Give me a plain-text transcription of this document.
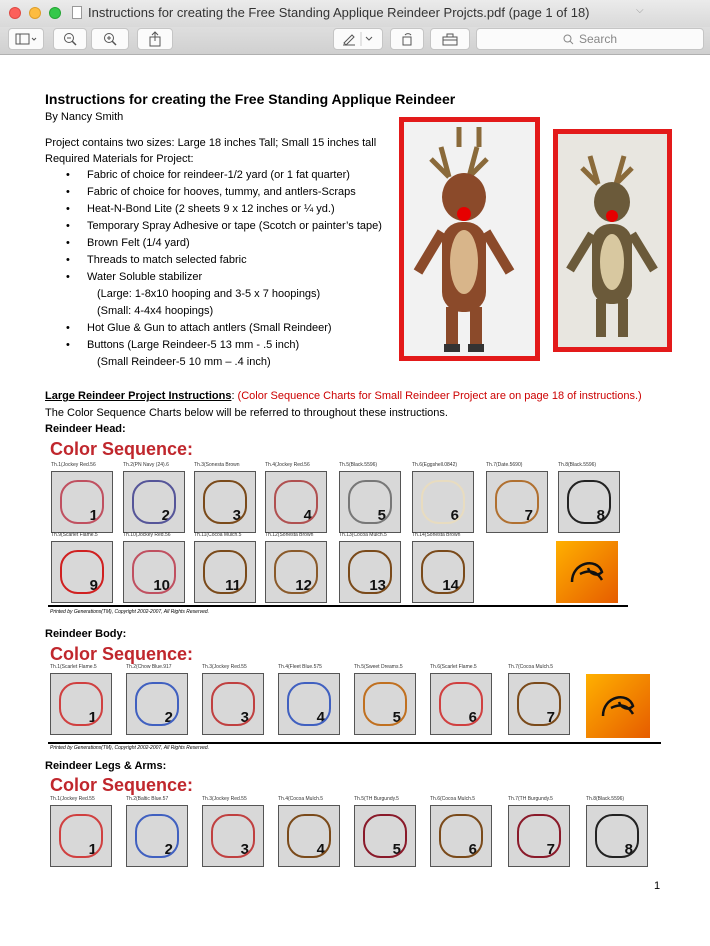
Instructions for creating the Free Standing Applique Reindeer Projcts.pdf (page 1 of 18)	⌵
Search
Instructions for creating the Free Standing Applique Reindeer
By Nancy Smith
Project contains two sizes: Large 18 inches Tall; Small 15 inches tall
Required Materials for Project:
• Fabric of choice for reindeer-1/2 yard (or 1 fat quarter)
• Fabric of choice for hooves, tummy, and antlers-Scraps
• Heat-N-Bond Lite (2 sheets 9 x 12 inches or ¼ yd.)
• Temporary Spray Adhesive or tape (Scotch or painter’s tape)
• Brown Felt (1/4 yard)
• Threads to match selected fabric
• Water Soluble stabilizer
(Large: 1-8x10 hooping and 3-5 x 7 hoopings)
(Small: 4-4x4 hoopings)
• Hot Glue & Gun to attach antlers (Small Reindeer)
• Buttons (Large Reindeer-5 13 mm - .5 inch)
(Small Reindeer-5 10 mm – .4 inch)
Large Reindeer Project Instructions: (Color Sequence Charts for Small Reindeer Project are on page 18 of instructions.)
The Color Sequence Charts below will be referred to throughout these instructions.
Reindeer Head:
Color Sequence:
1
Th.1(Jockey Red.56
2
Th.2(PN Navy (24).6
3
Th.3(Sonesta Brown
4
Th.4(Jockey Red.56
5
Th.5(Black.5596)
6
Th.6(Eggshell.0842)
7
Th.7(Date.5690)
8
Th.8(Black.5596)
9
Th.9(Scarlet Flame.5
10
Th.10(Jockey Red.56
11
Th.11(Cocoa Mulch.5
12
Th.12(Sonesta Brown
13
Th.13(Cocoa Mulch.5
14
Th.14(Sonesta Brown
Printed by Generations(TM), Copyright 2002-2007, All Rights Reserved.
Reindeer Body:
Color Sequence:
1
Th.1(Scarlet Flame.5
2
Th.2(Chow Blue.917
3
Th.3(Jockey Red.55
4
Th.4(Fleet Blue.575
5
Th.5(Sweet Dreams.5
6
Th.6(Scarlet Flame.5
7
Th.7(Cocoa Mulch.5
Printed by Generations(TM), Copyright 2002-2007, All Rights Reserved.
Reindeer Legs & Arms:
Color Sequence:
1
Th.1(Jockey Red.55
2
Th.2(Baltic Blue.57
3
Th.3(Jockey Red.55
4
Th.4(Cocoa Mulch.5
5
Th.5(TH Burgundy.5
6
Th.6(Cocoa Mulch.5
7
Th.7(TH Burgundy.5
8
Th.8(Black.5596)
1
